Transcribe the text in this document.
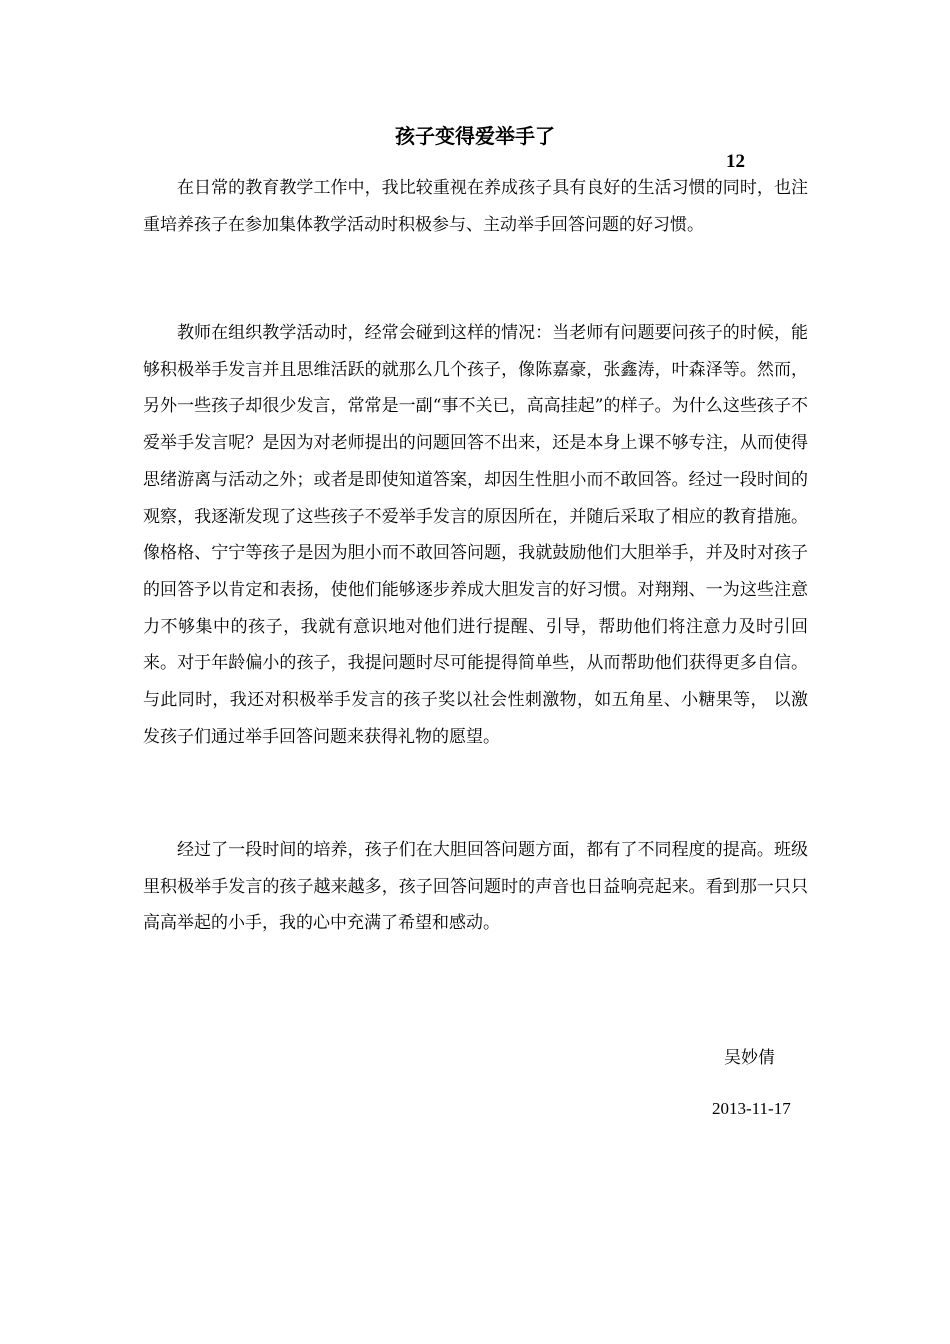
孩子变得爱举手了
12

在日常的教育教学工作中，我比较重视在养成孩子具有良好的生活习惯的同时，也注重培养孩子在参加集体教学活动时积极参与、主动举手回答问题的好习惯。

教师在组织教学活动时，经常会碰到这样的情况：当老师有问题要问孩子的时候，能够积极举手发言并且思维活跃的就那么几个孩子，像陈嘉豪，张鑫涛，叶森泽等。然而，另外一些孩子却很少发言，常常是一副“事不关已，高高挂起”的样子。为什么这些孩子不爱举手发言呢？是因为对老师提出的问题回答不出来，还是本身上课不够专注，从而使得思绪游离与活动之外；或者是即使知道答案，却因生性胆小而不敢回答。经过一段时间的观察，我逐渐发现了这些孩子不爱举手发言的原因所在，并随后采取了相应的教育措施。像格格、宁宁等孩子是因为胆小而不敢回答问题，我就鼓励他们大胆举手，并及时对孩子的回答予以肯定和表扬，使他们能够逐步养成大胆发言的好习惯。对翔翔、一为这些注意力不够集中的孩子，我就有意识地对他们进行提醒、引导，帮助他们将注意力及时引回来。对于年龄偏小的孩子，我提问题时尽可能提得简单些，从而帮助他们获得更多自信。与此同时，我还对积极举手发言的孩子奖以社会性刺激物，如五角星、小糖果等， 以激发孩子们通过举手回答问题来获得礼物的愿望。

经过了一段时间的培养，孩子们在大胆回答问题方面，都有了不同程度的提高。班级里积极举手发言的孩子越来越多，孩子回答问题时的声音也日益响亮起来。看到那一只只高高举起的小手，我的心中充满了希望和感动。

吴妙倩
2013-11-17
